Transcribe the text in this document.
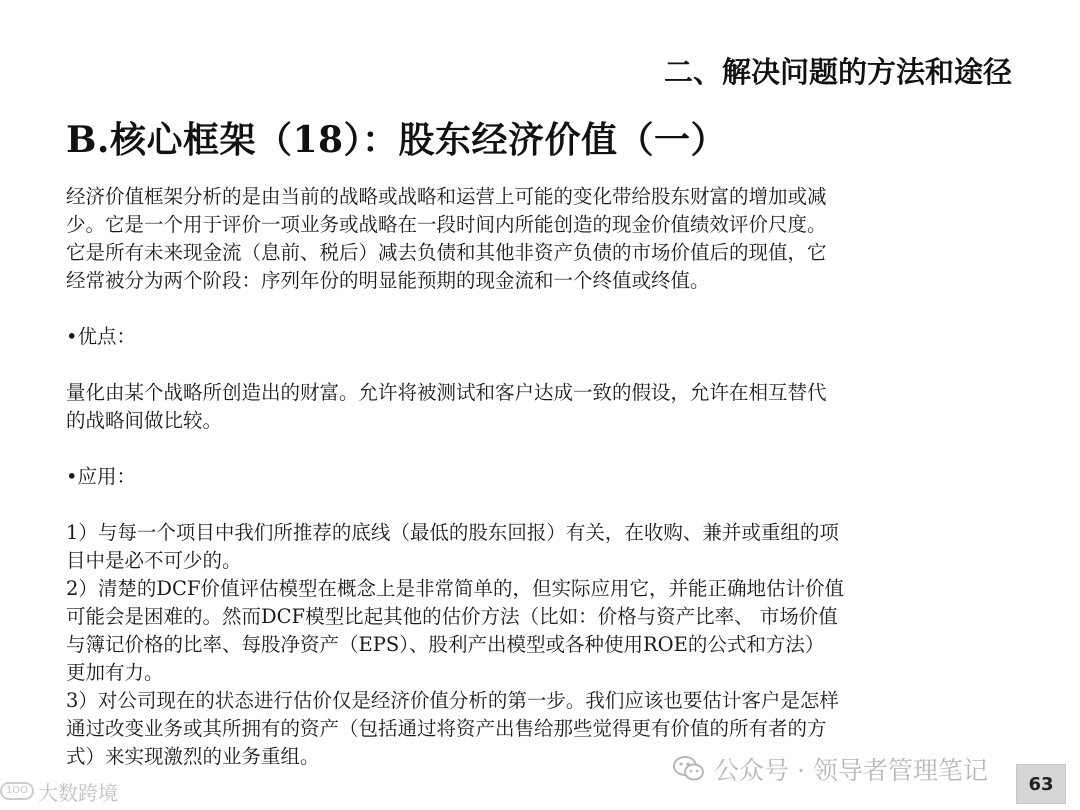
二、解决问题的方法和途径
B.核心框架（18）：股东经济价值（一）

经济价值框架分析的是由当前的战略或战略和运营上可能的变化带给股东财富的增加或减

少。它是一个用于评价一项业务或战略在一段时间内所能创造的现金价值绩效评价尺度。

它是所有未来现金流（息前、税后）减去负债和其他非资产负债的市场价值后的现值，它

经常被分为两个阶段：序列年份的明显能预期的现金流和一个终值或终值。

•优点：

量化由某个战略所创造出的财富。允许将被测试和客户达成一致的假设，允许在相互替代

的战略间做比较。

•应用：

1）与每一个项目中我们所推荐的底线（最低的股东回报）有关，在收购、兼并或重组的项

目中是必不可少的。

2）清楚的DCF价值评估模型在概念上是非常简单的，但实际应用它，并能正确地估计价值

可能会是困难的。然而DCF模型比起其他的估价方法（比如：价格与资产比率、 市场价值

与簿记价格的比率、每股净资产（EPS）、股利产出模型或各种使用ROE的公式和方法）

更加有力。

3）对公司现在的状态进行估价仅是经济价值分析的第一步。我们应该也要估计客户是怎样

通过改变业务或其所拥有的资产（包括通过将资产出售给那些觉得更有价值的所有者的方

式）来实现激烈的业务重组。

1OO 大数跨境
公众号 · 领导者管理笔记	63
